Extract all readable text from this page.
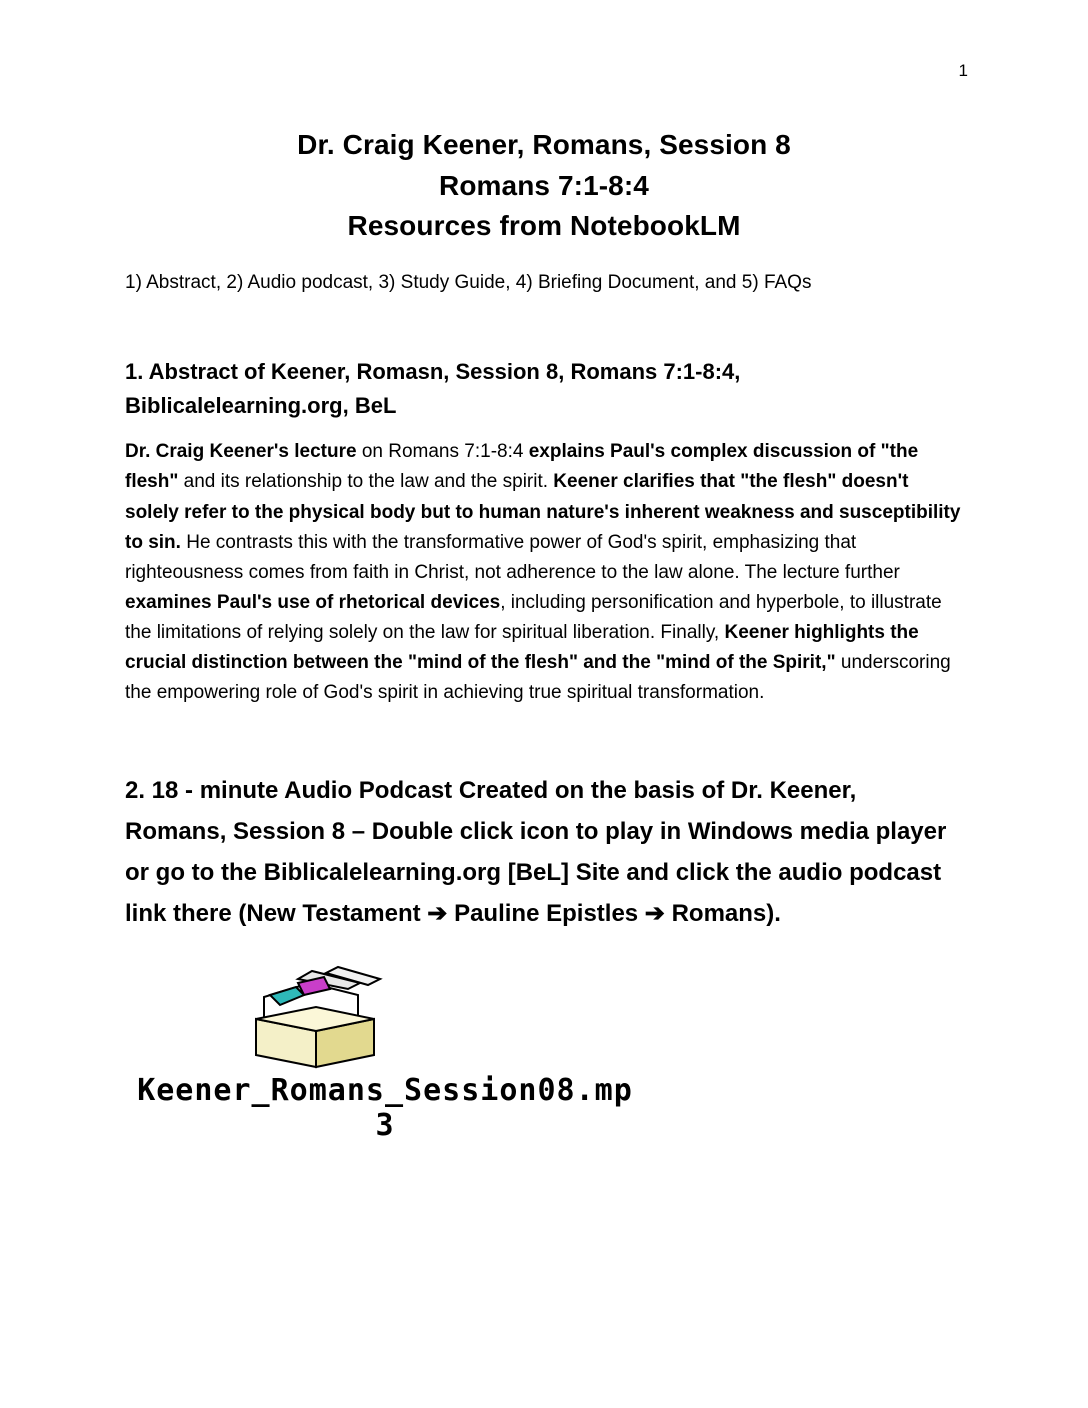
1
Dr. Craig Keener, Romans, Session 8
Romans 7:1-8:4
Resources from NotebookLM
1) Abstract, 2) Audio podcast, 3) Study Guide, 4) Briefing Document, and 5) FAQs
1. Abstract of Keener, Romasn, Session 8, Romans 7:1-8:4, Biblicalelearning.org, BeL
Dr. Craig Keener's lecture on Romans 7:1-8:4 explains Paul's complex discussion of "the flesh" and its relationship to the law and the spirit. Keener clarifies that "the flesh" doesn't solely refer to the physical body but to human nature's inherent weakness and susceptibility to sin. He contrasts this with the transformative power of God's spirit, emphasizing that righteousness comes from faith in Christ, not adherence to the law alone. The lecture further examines Paul's use of rhetorical devices, including personification and hyperbole, to illustrate the limitations of relying solely on the law for spiritual liberation. Finally, Keener highlights the crucial distinction between the "mind of the flesh" and the "mind of the Spirit," underscoring the empowering role of God's spirit in achieving true spiritual transformation.
2. 18 - minute Audio Podcast Created on the basis of Dr. Keener, Romans, Session 8 – Double click icon to play in Windows media player or go to the Biblicalelearning.org [BeL] Site and click the audio podcast link there (New Testament ➔ Pauline Epistles ➔ Romans).
Keener_Romans_Session08.mp3
